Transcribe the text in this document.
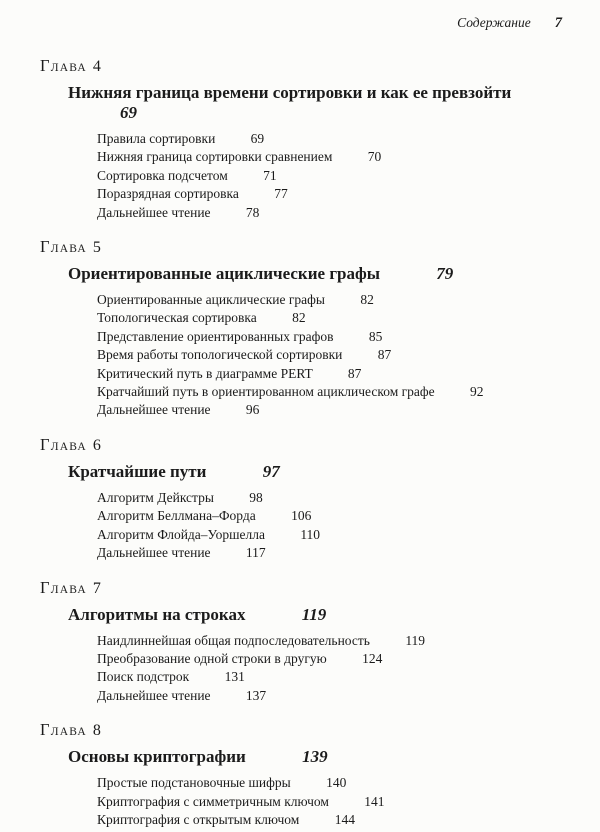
Содержание 7
ГЛАВА 4
Нижняя граница времени сортировки и как ее превзойти 69
Правила сортировки	69
Нижняя граница сортировки сравнением	70
Сортировка подсчетом	71
Поразрядная сортировка	77
Дальнейшее чтение	78
ГЛАВА 5
Ориентированные ациклические графы	79
Ориентированные ациклические графы	82
Топологическая сортировка	82
Представление ориентированных графов	85
Время работы топологической сортировки	87
Критический путь в диаграмме PERT	87
Кратчайший путь в ориентированном ациклическом графе	92
Дальнейшее чтение	96
ГЛАВА 6
Кратчайшие пути	97
Алгоритм Дейкстры	98
Алгоритм Беллмана–Форда	106
Алгоритм Флойда–Уоршелла	110
Дальнейшее чтение	117
ГЛАВА 7
Алгоритмы на строках	119
Наидлиннейшая общая подпоследовательность	119
Преобразование одной строки в другую	124
Поиск подстрок	131
Дальнейшее чтение	137
ГЛАВА 8
Основы криптографии	139
Простые подстановочные шифры	140
Криптография с симметричным ключом	141
Криптография с открытым ключом	144
